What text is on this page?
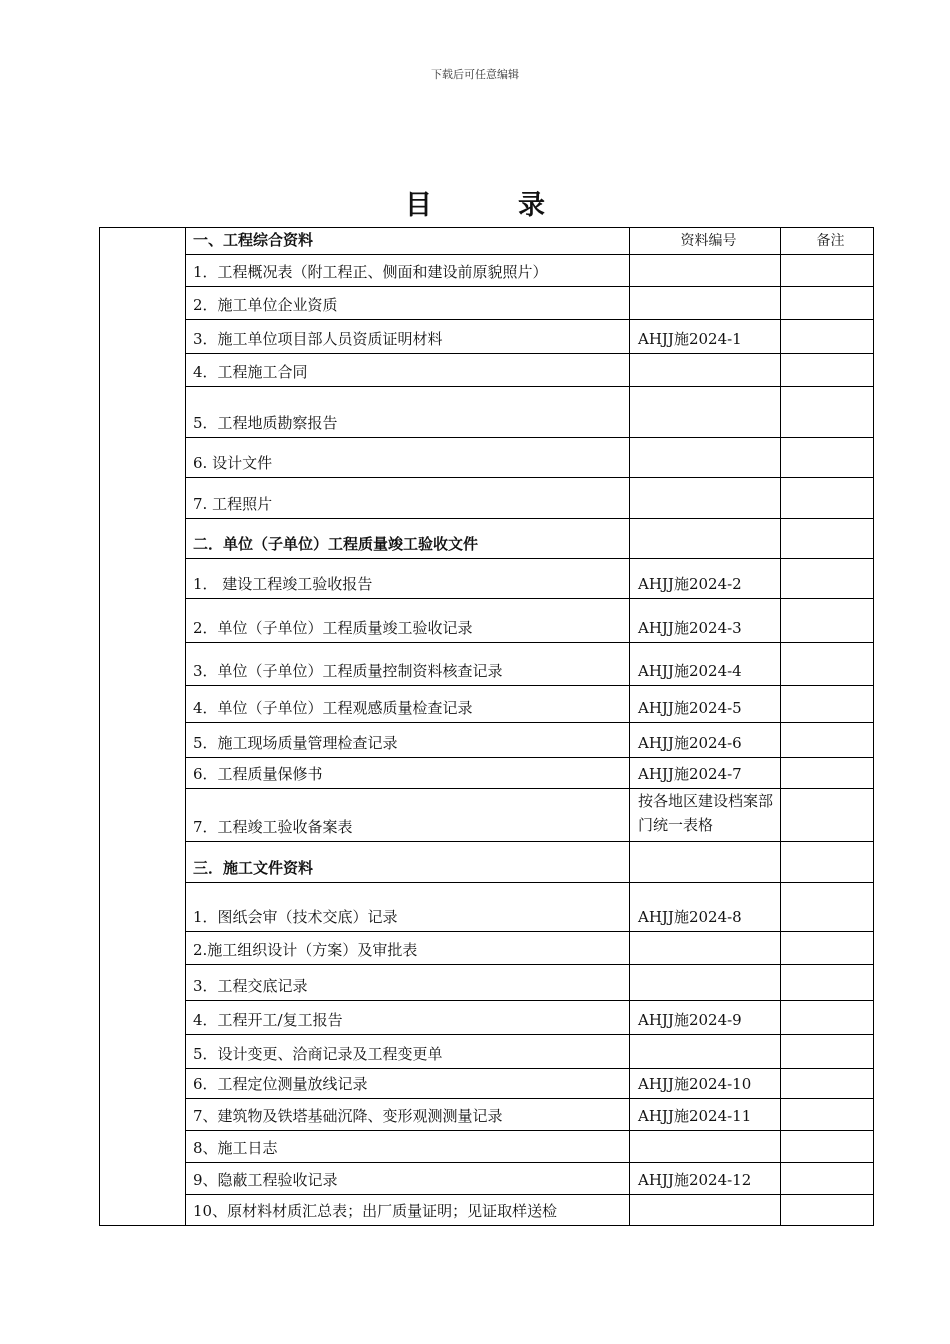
下载后可任意编辑
目	录
	一、工程综合资料	资料编号	备注
	1．工程概况表（附工程正、侧面和建设前原貌照片）	

	2．施工单位企业资质	

	3．施工单位项目部人员资质证明材料	AHJJ施2024-1	

	4．工程施工合同	

	5．工程地质勘察报告	

	6. 设计文件	

	7. 工程照片	

	二．单位（子单位）工程质量竣工验收文件	

	1． 建设工程竣工验收报告	AHJJ施2024-2	

	2．单位（子单位）工程质量竣工验收记录	AHJJ施2024-3	

	3．单位（子单位）工程质量控制资料核查记录	AHJJ施2024-4	

	4．单位（子单位）工程观感质量检查记录	AHJJ施2024-5	

	5．施工现场质量管理检查记录	AHJJ施2024-6	

	6．工程质量保修书	AHJJ施2024-7	

	7．工程竣工验收备案表	按各地区建设档案部门统一表格	

	三．施工文件资料	

	1．图纸会审（技术交底）记录	AHJJ施2024-8	

	2.施工组织设计（方案）及审批表	

	3．工程交底记录	

	4．工程开工/复工报告	AHJJ施2024-9	

	5．设计变更、洽商记录及工程变更单	

	6．工程定位测量放线记录	AHJJ施2024-10	

	7、建筑物及铁塔基础沉降、变形观测测量记录	AHJJ施2024-11	

	8、施工日志	

	9、隐蔽工程验收记录	AHJJ施2024-12	

	10、原材料材质汇总表；出厂质量证明；见证取样送检	
